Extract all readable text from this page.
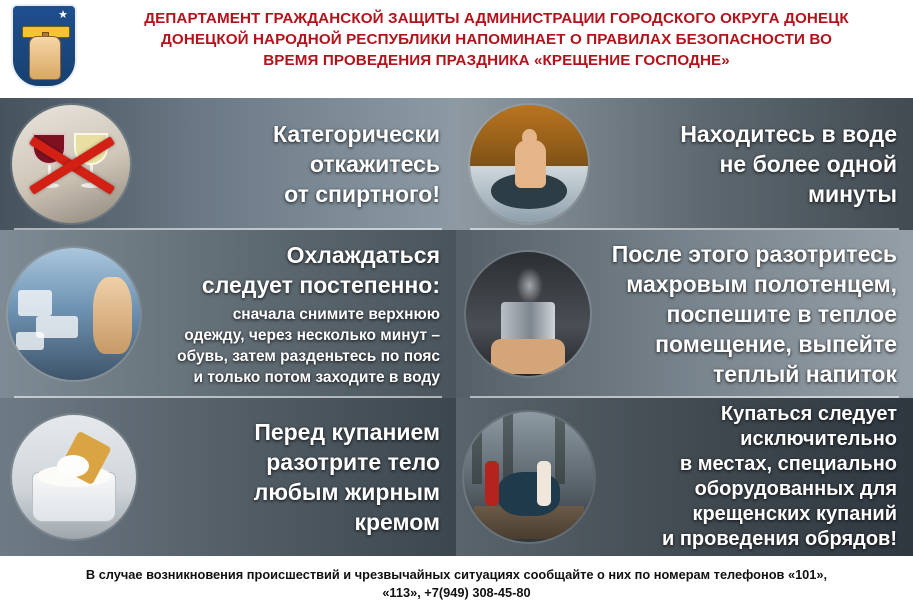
★	ДЕПАРТАМЕНТ ГРАЖДАНСКОЙ ЗАЩИТЫ АДМИНИСТРАЦИИ ГОРОДСКОГО ОКРУГА ДОНЕЦК
ДОНЕЦКОЙ НАРОДНОЙ РЕСПУБЛИКИ НАПОМИНАЕТ О ПРАВИЛАХ БЕЗОПАСНОСТИ ВО
ВРЕМЯ ПРОВЕДЕНИЯ ПРАЗДНИКА «КРЕЩЕНИЕ ГОСПОДНЕ»
Категорически
откажитесь
от спиртного!
Охлаждаться
следует постепенно:
сначала снимите верхнюю
одежду, через несколько минут –
обувь, затем разденьтесь по пояс
и только потом заходите в воду
Перед купанием
разотрите тело
любым жирным
кремом
Находитесь в воде
не более одной
минуты
После этого разотритесь
махровым полотенцем,
поспешите в теплое
помещение, выпейте
теплый напиток
Купаться следует
исключительно
в местах, специально
оборудованных для
крещенских купаний
и проведения обрядов!
В случае возникновения происшествий и чрезвычайных ситуациях сообщайте о них по номерам телефонов «101»,
«113», +7(949) 308-45-80
